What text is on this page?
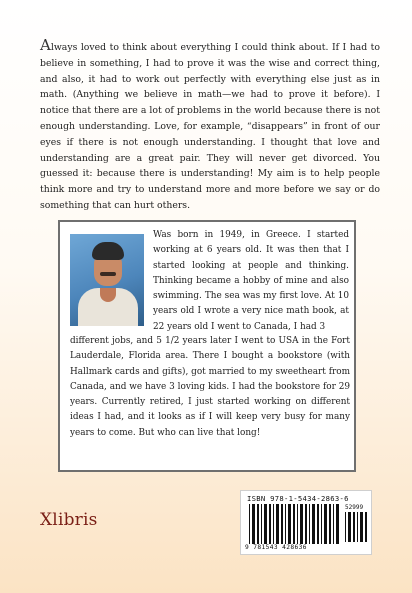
Always loved to think about everything I could think about. If I had to believe in something, I had to prove it was the wise and correct thing, and also, it had to work out perfectly with everything else just as in math. (Anything we believe in math—we had to prove it before). I notice that there are a lot of problems in the world because there is not enough understanding. Love, for example, “disappears” in front of our eyes if there is not enough understanding. I thought that love and understanding are a great pair. They will never get divorced. You guessed it: because there is understanding! My aim is to help people think more and try to understand more and more before we say or do something that can hurt others.
Was born in 1949, in Greece. I started working at 6 years old. It was then that I started looking at people and thinking. Thinking became a hobby of mine and also swimming. The sea was my first love. At 10 years old I wrote a very nice math book, at 22 years old I went to Canada, I had 3
different jobs, and 5 1/2 years later I went to USA in the Fort Lauderdale, Florida area. There I bought a bookstore (with Hallmark cards and gifts), got married to my sweetheart from Canada, and we have 3 loving kids. I had the bookstore for 29 years. Currently retired, I just started working on different ideas I had, and it looks as if I will keep very busy for many years to come. But who can live that long!
Xlibris
ISBN 978-1-5434-2863-6
52999
9 781543 428636
